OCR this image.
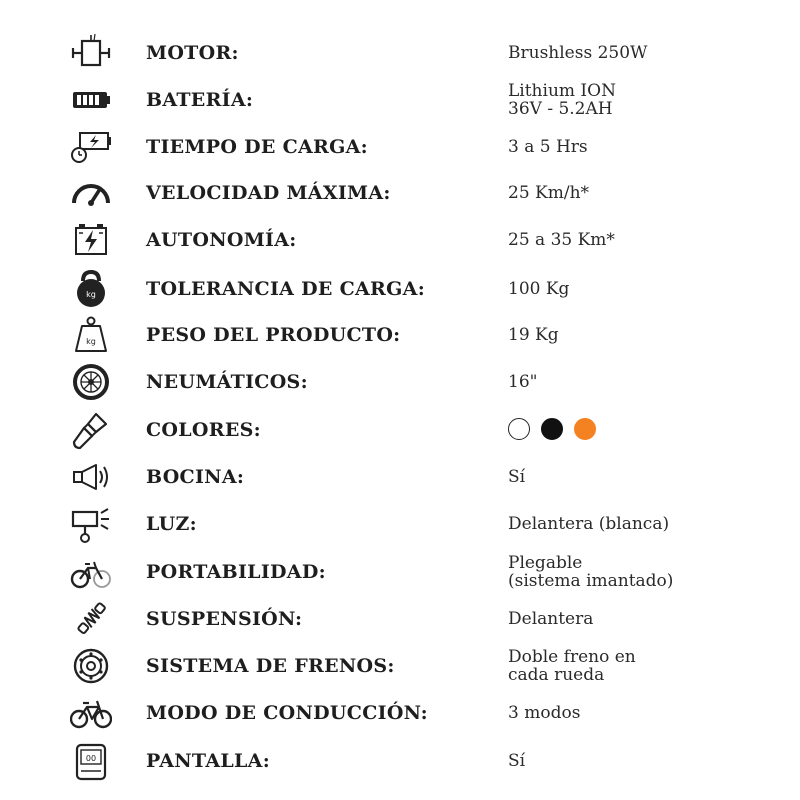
MOTOR:	Brushless 250W
BATERÍA:	Lithium ION
36V - 5.2AH
TIEMPO DE CARGA:	3 a 5 Hrs
VELOCIDAD MÁXIMA:	25 Km/h*
AUTONOMÍA:	25 a 35 Km*
kg	TOLERANCIA DE CARGA:	100 Kg
kg	PESO DEL PRODUCTO:	19 Kg
NEUMÁTICOS:	16"
COLORES:
BOCINA:	Sí
LUZ:	Delantera (blanca)
PORTABILIDAD:	Plegable
(sistema imantado)
SUSPENSIÓN:	Delantera
SISTEMA DE FRENOS:	Doble freno en
cada rueda
MODO DE CONDUCCIÓN:	3 modos
00	PANTALLA:	Sí
